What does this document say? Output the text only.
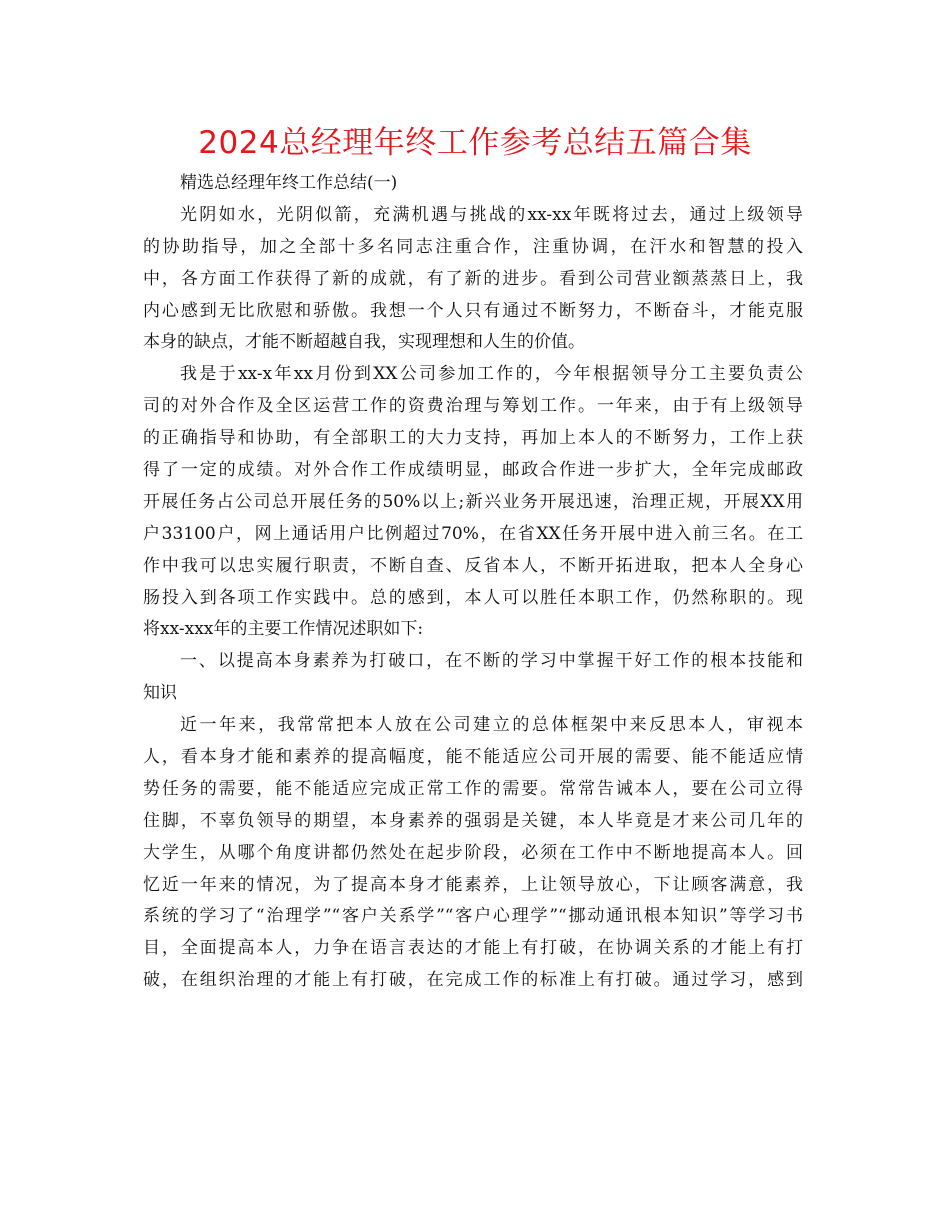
2024总经理年终工作参考总结五篇合集
精选总经理年终工作总结(一)
光阴如水，光阴似箭，充满机遇与挑战的xx-xx年既将过去，通过上级领导
的协助指导，加之全部十多名同志注重合作，注重协调，在汗水和智慧的投入
中，各方面工作获得了新的成就，有了新的进步。看到公司营业额蒸蒸日上，我
内心感到无比欣慰和骄傲。我想一个人只有通过不断努力，不断奋斗，才能克服
本身的缺点，才能不断超越自我，实现理想和人生的价值。
我是于xx-x年xx月份到XX公司参加工作的，今年根据领导分工主要负责公
司的对外合作及全区运营工作的资费治理与筹划工作。一年来，由于有上级领导
的正确指导和协助，有全部职工的大力支持，再加上本人的不断努力，工作上获
得了一定的成绩。对外合作工作成绩明显，邮政合作进一步扩大，全年完成邮政
开展任务占公司总开展任务的50%以上;新兴业务开展迅速，治理正规，开展XX用
户33100户，网上通话用户比例超过70%，在省XX任务开展中进入前三名。在工
作中我可以忠实履行职责，不断自查、反省本人，不断开拓进取，把本人全身心
肠投入到各项工作实践中。总的感到，本人可以胜任本职工作，仍然称职的。现
将xx-xxx年的主要工作情况述职如下:
一、以提高本身素养为打破口，在不断的学习中掌握干好工作的根本技能和
知识
近一年来，我常常把本人放在公司建立的总体框架中来反思本人，审视本
人，看本身才能和素养的提高幅度，能不能适应公司开展的需要、能不能适应情
势任务的需要，能不能适应完成正常工作的需要。常常告诫本人，要在公司立得
住脚，不辜负领导的期望，本身素养的强弱是关键，本人毕竟是才来公司几年的
大学生，从哪个角度讲都仍然处在起步阶段，必须在工作中不断地提高本人。回
忆近一年来的情况，为了提高本身才能素养，上让领导放心，下让顾客满意，我
系统的学习了“治理学”“客户关系学”“客户心理学”“挪动通讯根本知识”等学习书
目，全面提高本人，力争在语言表达的才能上有打破，在协调关系的才能上有打
破，在组织治理的才能上有打破，在完成工作的标准上有打破。通过学习，感到
